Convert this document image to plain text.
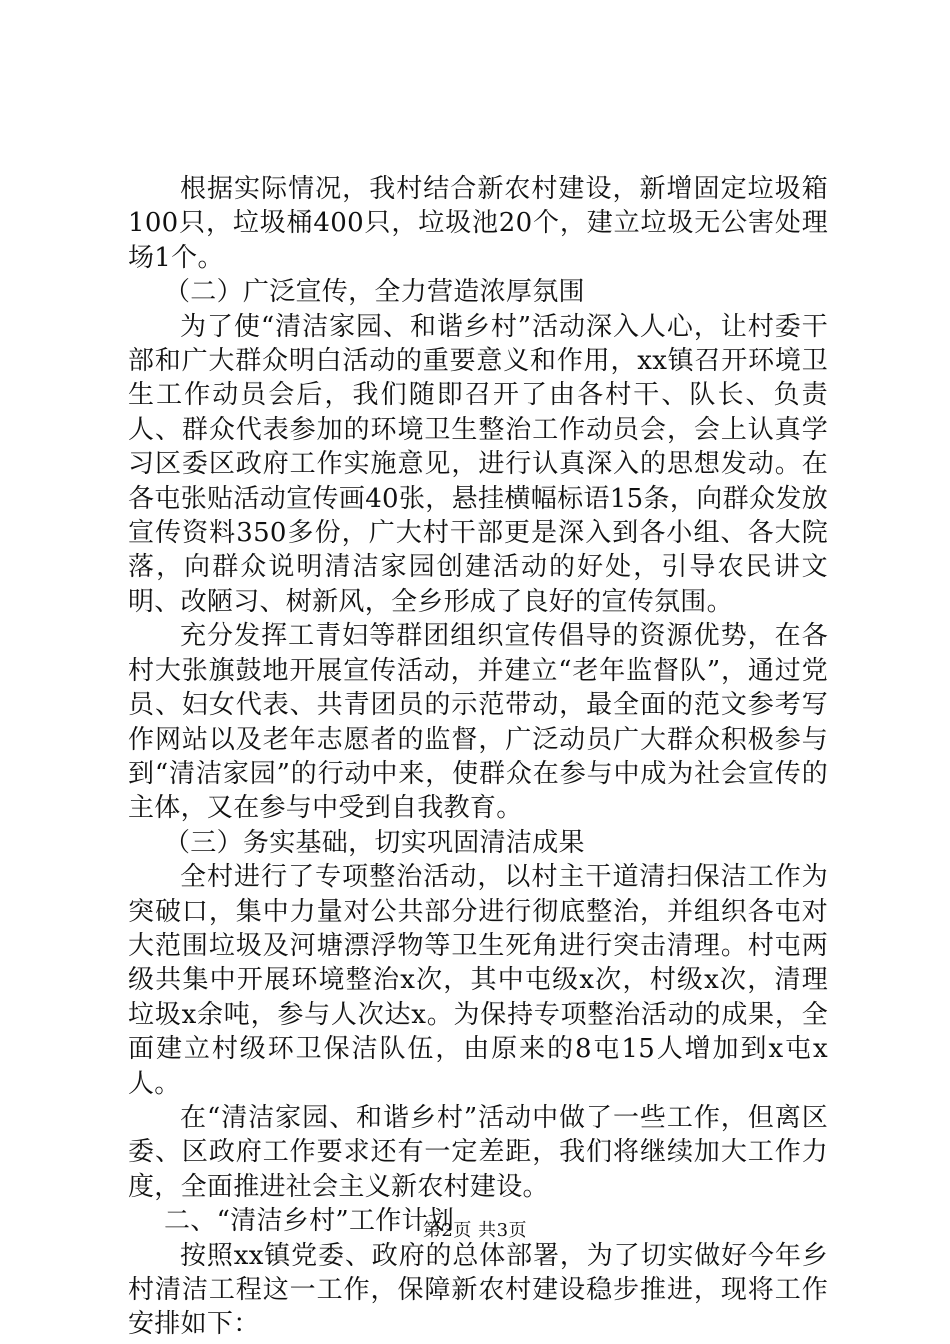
根据实际情况，我村结合新农村建设，新增固定垃圾箱100只，垃圾桶400只，垃圾池20个，建立垃圾无公害处理场1个。

（二）广泛宣传，全力营造浓厚氛围

为了使“清洁家园、和谐乡村”活动深入人心，让村委干部和广大群众明白活动的重要意义和作用，xx镇召开环境卫生工作动员会后，我们随即召开了由各村干、队长、负责人、群众代表参加的环境卫生整治工作动员会，会上认真学习区委区政府工作实施意见，进行认真深入的思想发动。在各屯张贴活动宣传画40张，悬挂横幅标语15条，向群众发放宣传资料350多份，广大村干部更是深入到各小组、各大院落，向群众说明清洁家园创建活动的好处，引导农民讲文明、改陋习、树新风，全乡形成了良好的宣传氛围。

充分发挥工青妇等群团组织宣传倡导的资源优势，在各村大张旗鼓地开展宣传活动，并建立“老年监督队”，通过党员、妇女代表、共青团员的示范带动，最全面的范文参考写作网站以及老年志愿者的监督，广泛动员广大群众积极参与到“清洁家园”的行动中来，使群众在参与中成为社会宣传的主体，又在参与中受到自我教育。

（三）务实基础，切实巩固清洁成果

全村进行了专项整治活动，以村主干道清扫保洁工作为突破口，集中力量对公共部分进行彻底整治，并组织各屯对大范围垃圾及河塘漂浮物等卫生死角进行突击清理。村屯两级共集中开展环境整治x次，其中屯级x次，村级x次，清理垃圾x余吨，参与人次达x。为保持专项整治活动的成果，全面建立村级环卫保洁队伍，由原来的8屯15人增加到x屯x人。

在“清洁家园、和谐乡村”活动中做了一些工作，但离区委、区政府工作要求还有一定差距，我们将继续加大工作力度，全面推进社会主义新农村建设。

二、“清洁乡村”工作计划

按照xx镇党委、政府的总体部署，为了切实做好今年乡村清洁工程这一工作，保障新农村建设稳步推进，现将工作安排如下：

第2页 共3页
